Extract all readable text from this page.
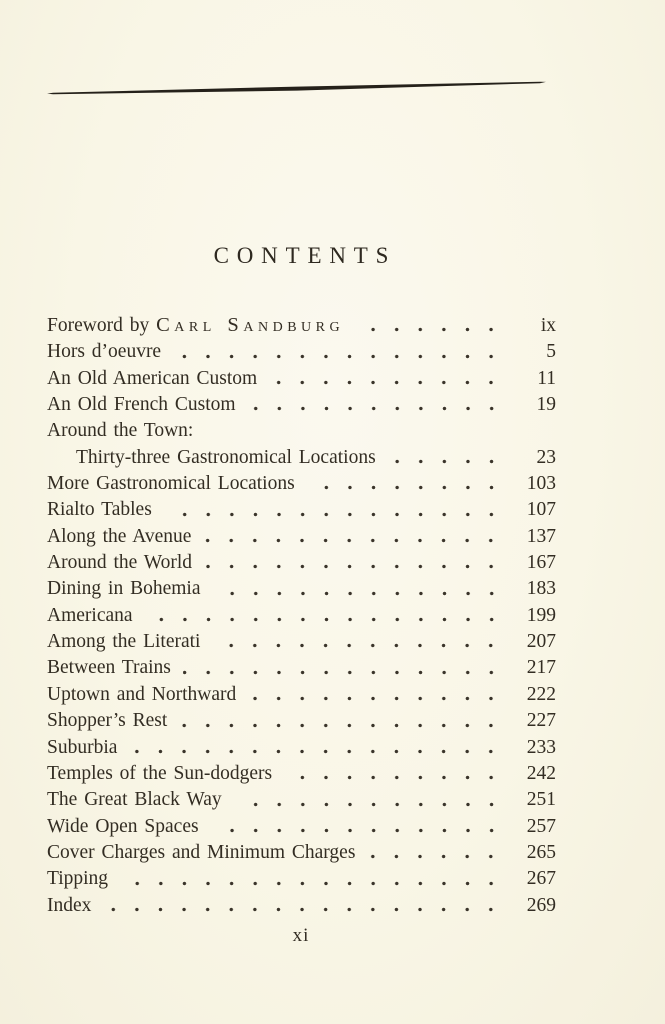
CONTENTS
Foreword by Carl Sandburg	ix
Hors d’oeuvre	5
An Old American Custom	11
An Old French Custom	19
Around the Town:
Thirty-three Gastronomical Locations	23
More Gastronomical Locations	103
Rialto Tables	107
Along the Avenue	137
Around the World	167
Dining in Bohemia	183
Americana	199
Among the Literati	207
Between Trains	217
Uptown and Northward	222
Shopper’s Rest	227
Suburbia	233
Temples of the Sun-dodgers	242
The Great Black Way	251
Wide Open Spaces	257
Cover Charges and Minimum Charges	265
Tipping	267
Index	269
xi
